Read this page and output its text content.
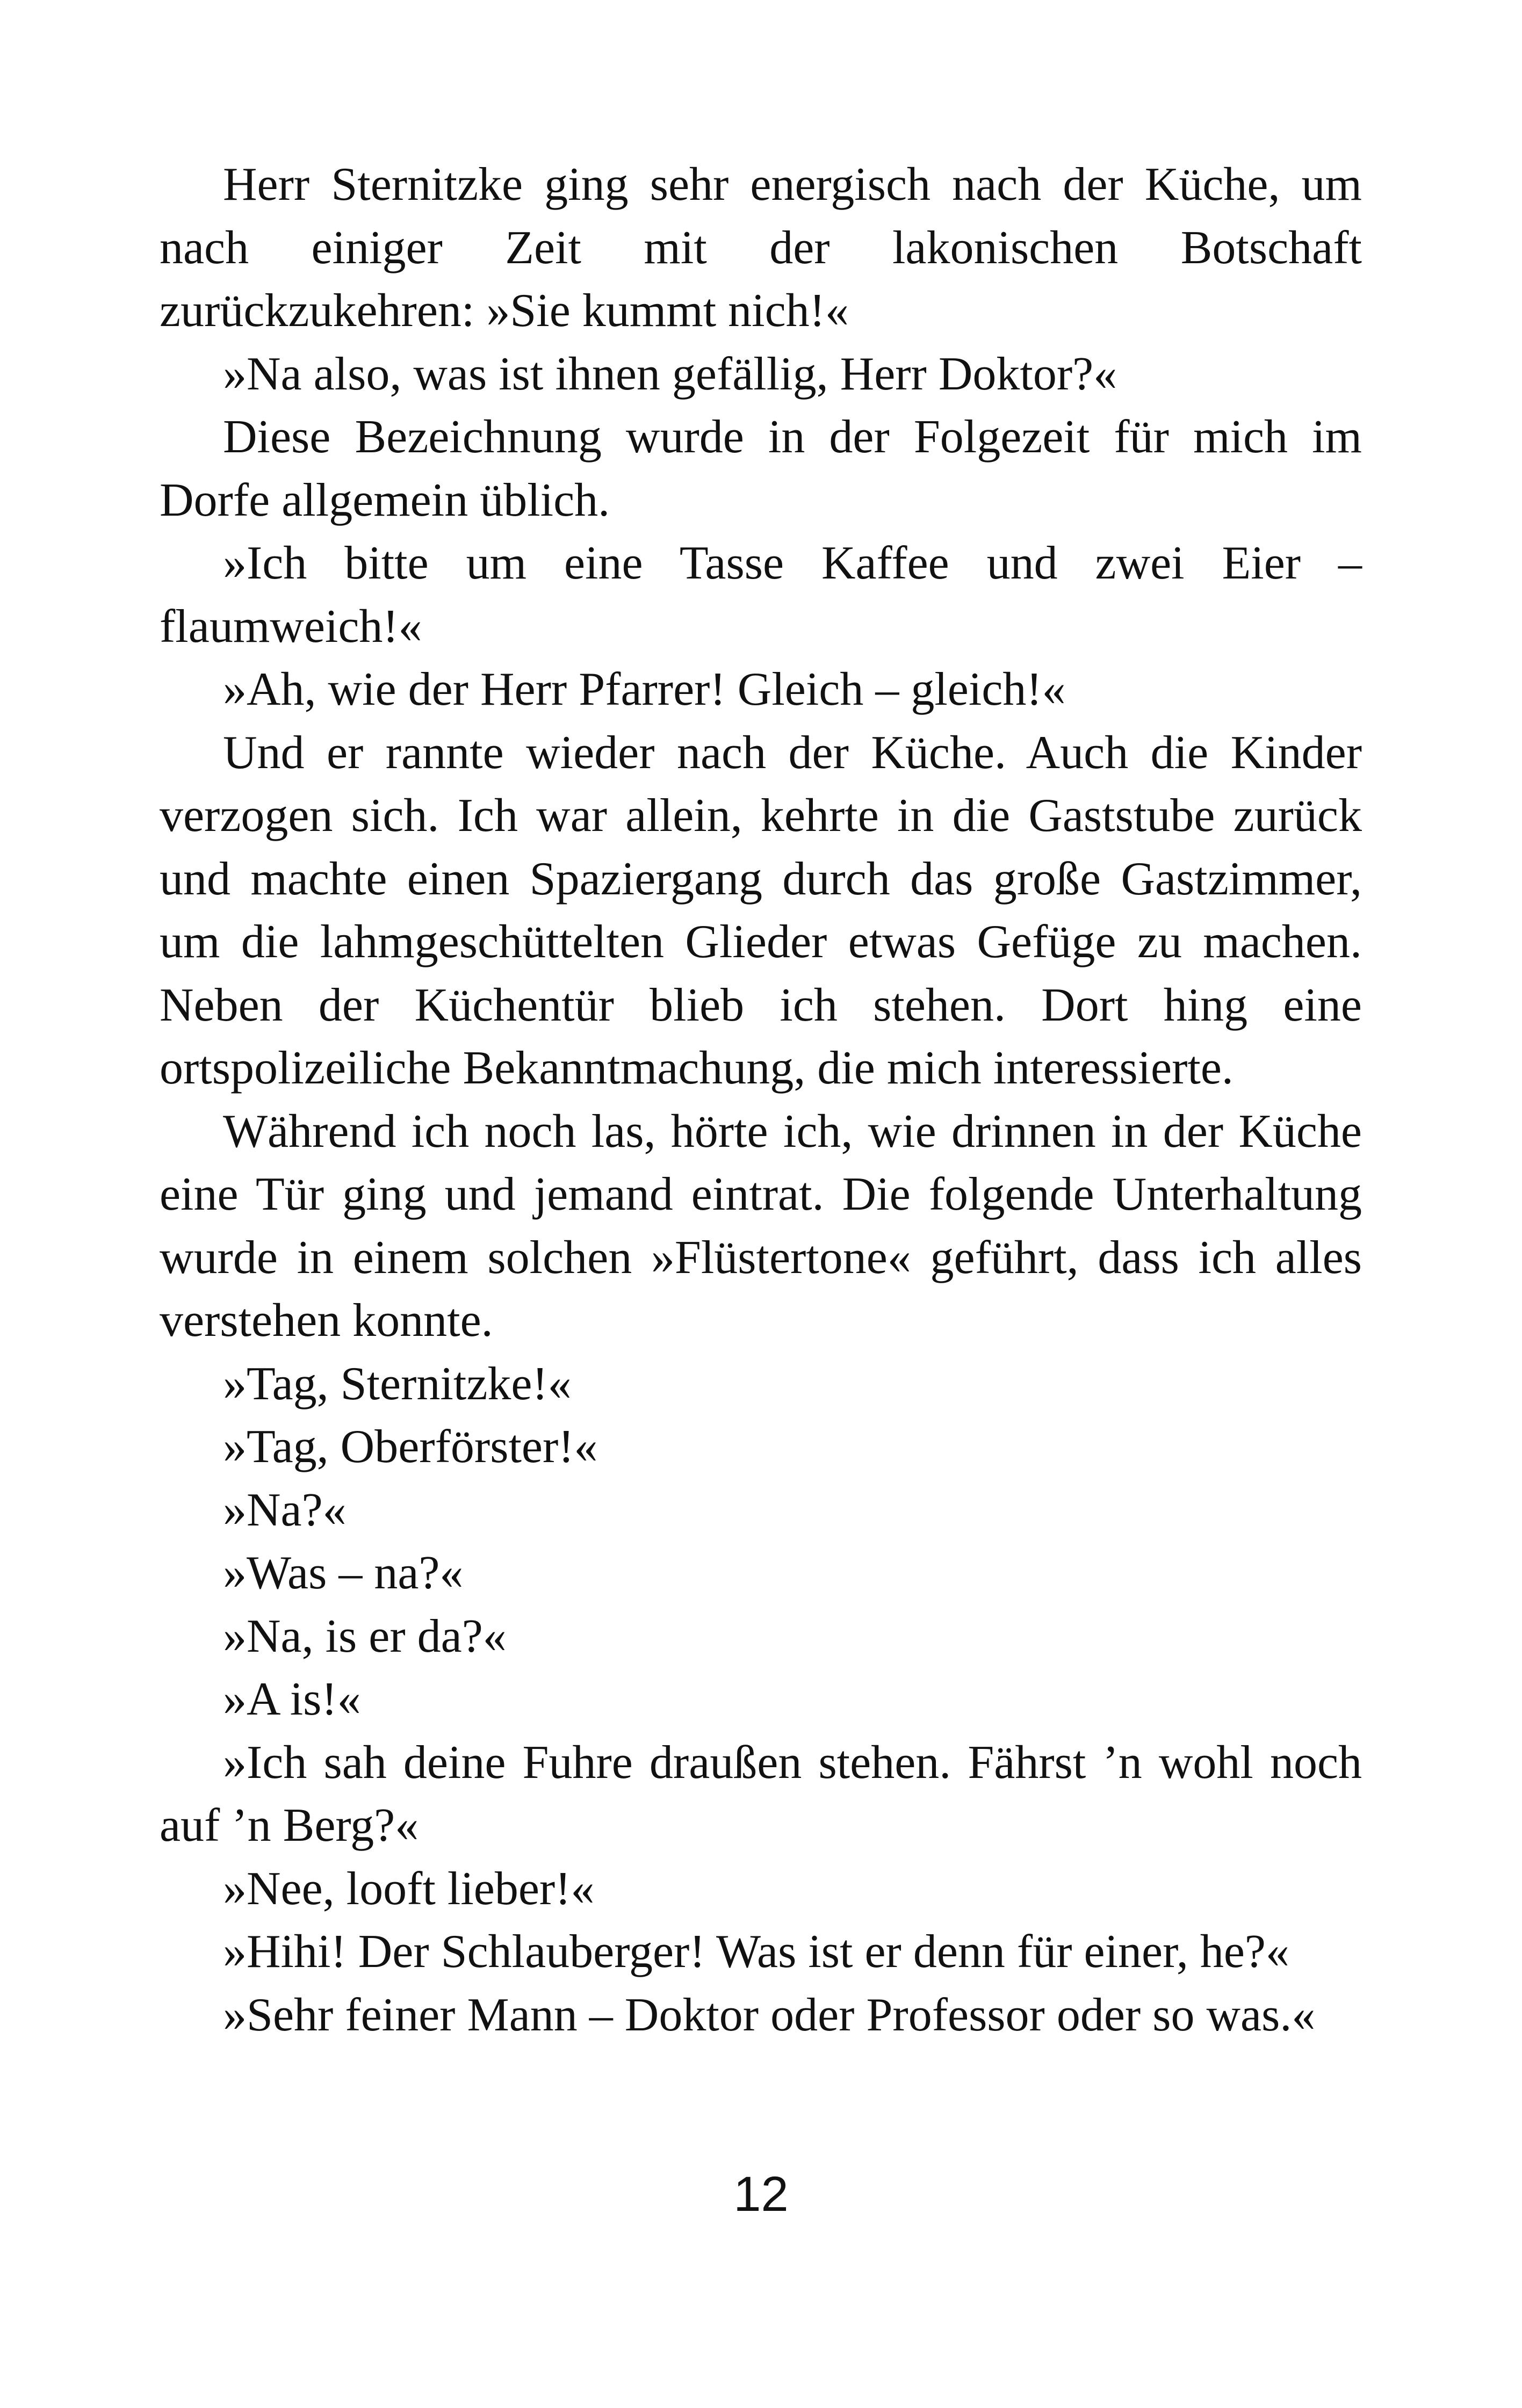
Herr Sternitzke ging sehr energisch nach der Küche, um nach einiger Zeit mit der lakonischen Botschaft zurückzukehren: »Sie kummt nich!«

»Na also, was ist ihnen gefällig, Herr Doktor?«

Diese Bezeichnung wurde in der Folgezeit für mich im Dorfe allgemein üblich.

»Ich bitte um eine Tasse Kaffee und zwei Eier – flaumweich!«

»Ah, wie der Herr Pfarrer! Gleich – gleich!«

Und er rannte wieder nach der Küche. Auch die Kinder verzogen sich. Ich war allein, kehrte in die Gaststube zurück und machte einen Spaziergang durch das große Gastzimmer, um die lahmgeschüttelten Glieder etwas Gefüge zu machen. Neben der Küchentür blieb ich stehen. Dort hing eine ortspolizeiliche Bekanntmachung, die mich interessierte.

Während ich noch las, hörte ich, wie drinnen in der Küche eine Tür ging und jemand eintrat. Die folgende Unterhaltung wurde in einem solchen »Flüstertone« geführt, dass ich alles verstehen konnte.

»Tag, Sternitzke!«

»Tag, Oberförster!«

»Na?«

»Was – na?«

»Na, is er da?«

»A is!«

»Ich sah deine Fuhre draußen stehen. Fährst ’n wohl noch auf ’n Berg?«

»Nee, looft lieber!«

»Hihi! Der Schlauberger! Was ist er denn für einer, he?«

»Sehr feiner Mann – Doktor oder Professor oder so was.«

12
